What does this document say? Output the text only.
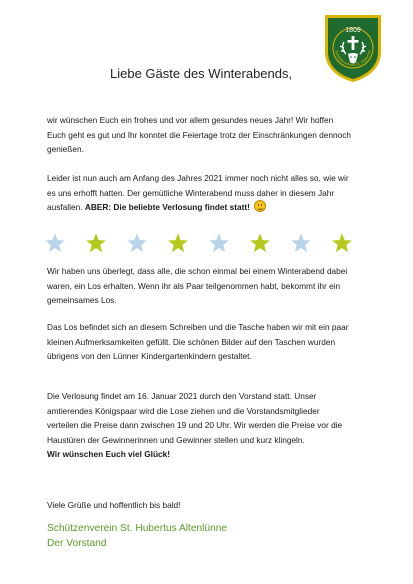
1809
Schützenverein St. Hubertus
Liebe Gäste des Winterabends,
wir wünschen Euch ein frohes und vor allem gesundes neues Jahr! Wir hoffen
Euch geht es gut und Ihr konntet die Feiertage trotz der Einschränkungen dennoch
genießen.
Leider ist nun auch am Anfang des Jahres 2021 immer noch nicht alles so, wie wir
es uns erhofft hatten. Der gemütliche Winterabend muss daher in diesem Jahr
ausfallen. ABER: Die beliebte Verlosung findet statt!
Wir haben uns überlegt, dass alle, die schon einmal bei einem Winterabend dabei
waren, ein Los erhalten. Wenn ihr als Paar teilgenommen habt, bekommt ihr ein
gemeinsames Los.
Das Los befindet sich an diesem Schreiben und die Tasche haben wir mit ein paar
kleinen Aufmerksamkeiten gefüllt. Die schönen Bilder auf den Taschen wurden
übrigens von den Lünner Kindergartenkindern gestaltet.
Die Verlosung findet am 16. Januar 2021 durch den Vorstand statt. Unser
amtierendes Königspaar wird die Lose ziehen und die Vorstandsmitglieder
verteilen die Preise dann zwischen 19 und 20 Uhr. Wir werden die Preise vor die
Haustüren der Gewinnerinnen und Gewinner stellen und kurz klingeln.
Wir wünschen Euch viel Glück!
Viele Grüße und hoffentlich bis bald!
Schützenverein St. Hubertus Altenlünne
Der Vorstand
